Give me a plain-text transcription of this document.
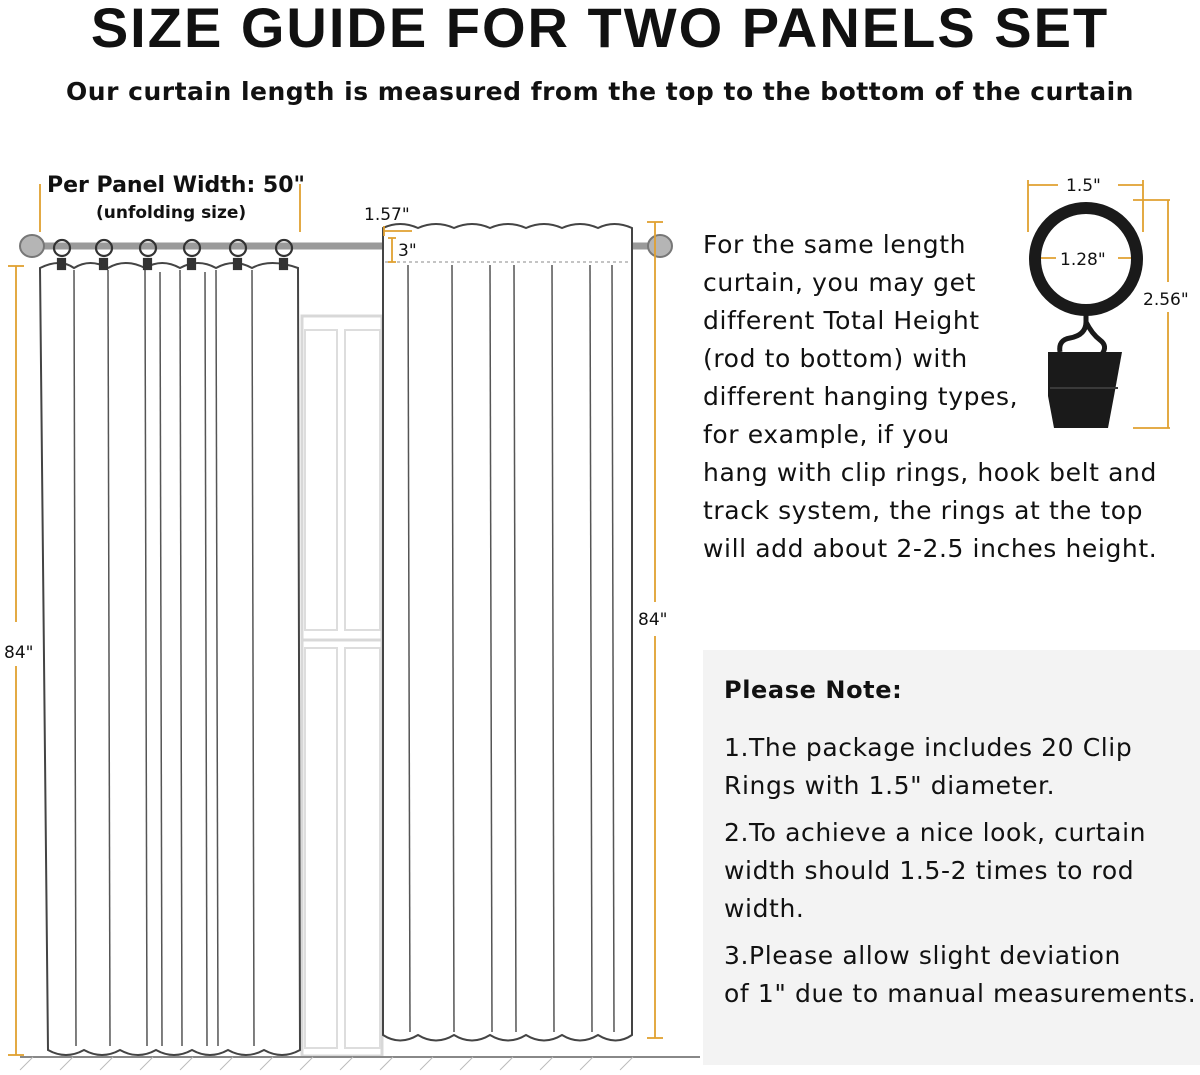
SIZE GUIDE FOR TWO PANELS SET
Our curtain length is measured from the top to the bottom of the curtain
84"
84"
1.57"
3"
1.5"
1.28"
2.56"
Per Panel Width: 50"
(unfolding size)
For the same length
curtain, you may get
different Total Height
(rod to bottom) with
different hanging types,
for example, if you
hang with clip rings, hook belt and
track system, the rings at the top
will add about 2-2.5 inches height.
Please Note:
1.The package includes 20 Clip
Rings with 1.5" diameter.
2.To achieve a nice look, curtain
width should 1.5-2 times to rod
width.
3.Please allow slight deviation
of 1" due to manual measurements.
